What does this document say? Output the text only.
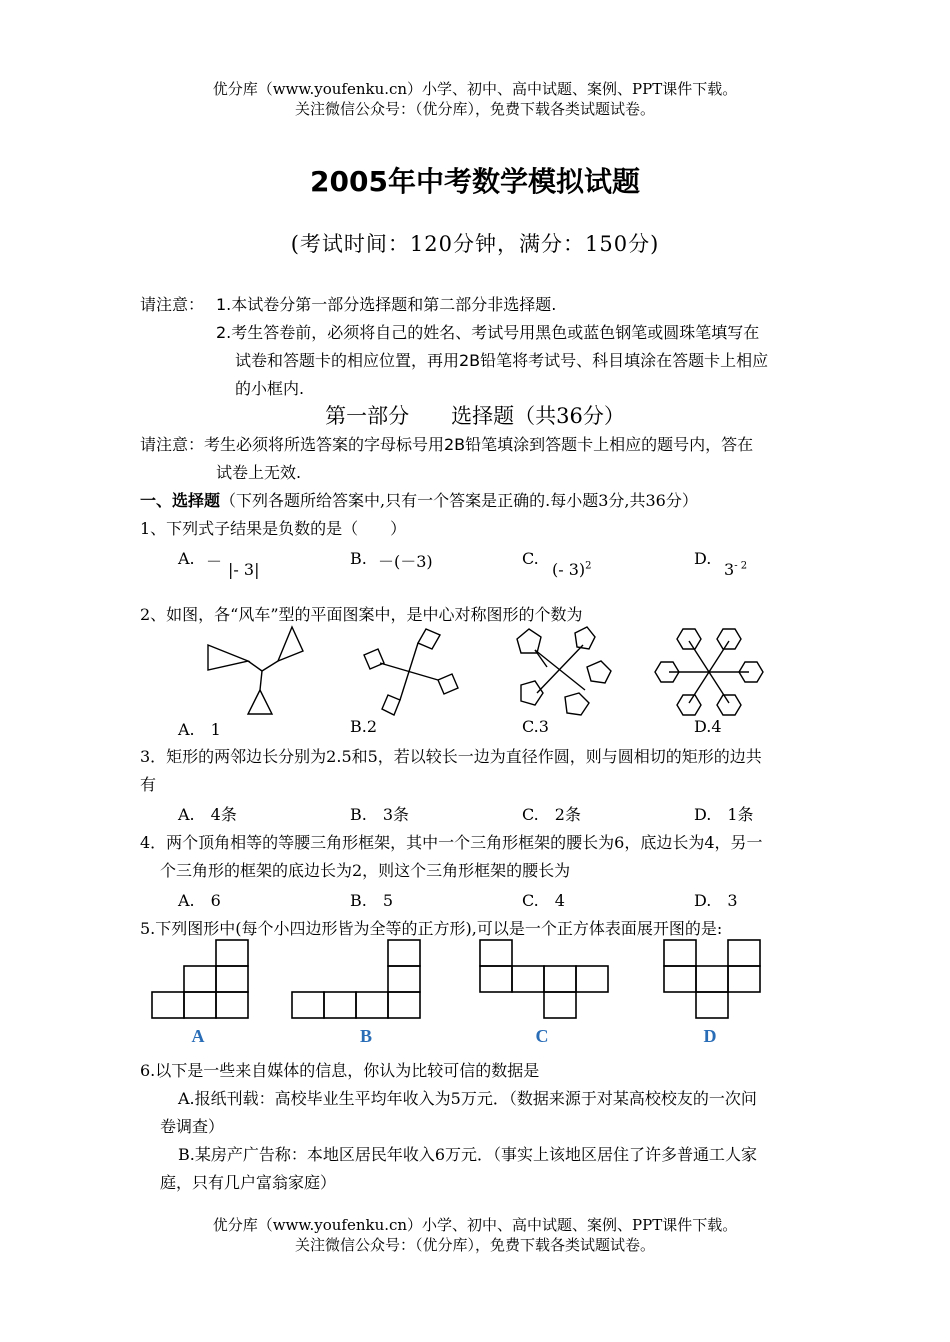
优分库（www.youfenku.cn）小学、初中、高中试题、案例、PPT课件下载。
关注微信公众号：（优分库），免费下载各类试题试卷。
2005年中考数学模拟试题
(考试时间：120分钟，满分：150分)
请注意： 1.本试卷分第一部分选择题和第二部分非选择题.
2.考生答卷前，必须将自己的姓名、考试号用黑色或蓝色钢笔或圆珠笔填写在
试卷和答题卡的相应位置，再用2B铅笔将考试号、科目填涂在答题卡上相应
的小框内.
第一部分　　选择题（共36分）
请注意：考生必须将所选答案的字母标号用2B铅笔填涂到答题卡上相应的题号内，答在
试卷上无效.
一、选择题（下列各题所给答案中,只有一个答案是正确的.每小题3分,共36分）
1、下列式子结果是负数的是（　　）
A. － |- 3|
B. －(－3)	C.
(- 3)$^2$	D.
$3^{- 2}$
2、如图，各“风车”型的平面图案中，是中心对称图形的个数为
A.　1	B.2	C.3	D.4
3．矩形的两邻边长分别为2.5和5，若以较长一边为直径作圆，则与圆相切的矩形的边共
有
A.　4条	B.　3条	C.　2条	D.　1条
4．两个顶角相等的等腰三角形框架，其中一个三角形框架的腰长为6，底边长为4，另一
个三角形的框架的底边长为2，则这个三角形框架的腰长为
A.　6	B.　5	C.　4	D.　3
5.下列图形中(每个小四边形皆为全等的正方形),可以是一个正方体表面展开图的是:
A	B	C	D
6.以下是一些来自媒体的信息，你认为比较可信的数据是
A.报纸刊载：高校毕业生平均年收入为5万元．（数据来源于对某高校校友的一次问
卷调查）
B.某房产广告称：本地区居民年收入6万元．（事实上该地区居住了许多普通工人家
庭，只有几户富翁家庭）
优分库（www.youfenku.cn）小学、初中、高中试题、案例、PPT课件下载。
关注微信公众号：（优分库），免费下载各类试题试卷。
